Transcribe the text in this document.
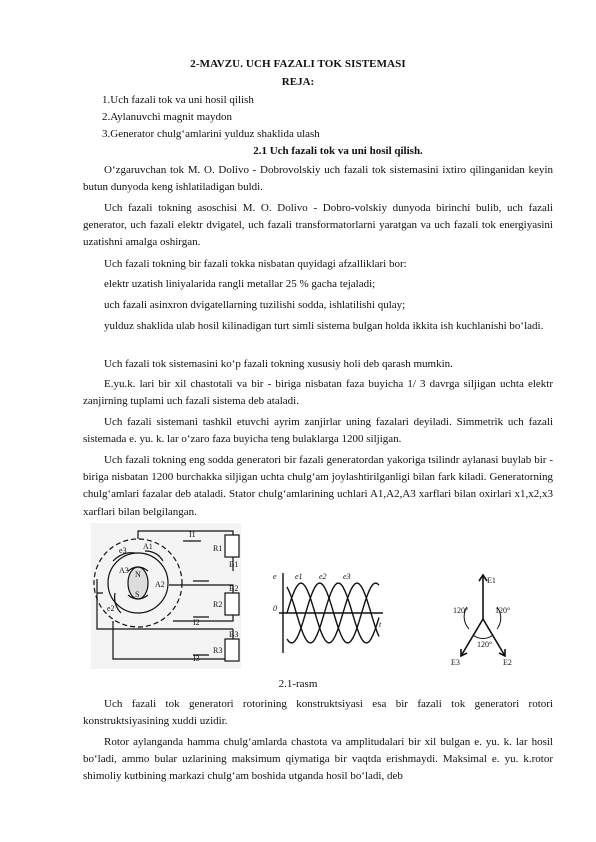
2-MAVZU. UCH FAZALI TOK SISTEMASI
REJA:
1.Uch fazali tok va uni hosil qilish
2.Aylanuvchi magnit maydon
3.Generator chulg‘amlarini yulduz shaklida ulash
2.1 Uch fazali tok va uni hosil qilish.
O‘zgaruvchan tok M. O. Dolivo - Dobrovolskiy uch fazali tok sistemasini ixtiro qilinganidan keyin butun dunyoda keng ishlatiladigan buldi.
Uch fazali tokning asoschisi M. O. Dolivo - Dobro-volskiy dunyoda birinchi bulib, uch fazali generator, uch fazali elektr dvigatel, uch fazali transformatorlarni yaratgan va uch fazali tok energiyasini uzatishni amalga oshirgan.
Uch fazali tokning bir fazali tokka nisbatan quyidagi afzalliklari bor:
elektr uzatish liniyalarida rangli metallar 25 % gacha tejaladi;
uch fazali asinxron dvigatellarning tuzilishi sodda, ishlatilishi qulay;
yulduz shaklida ulab hosil kilinadigan turt simli sistema bulgan holda ikkita ish kuchlanishi bo‘ladi.
Uch fazali tok sistemasini ko‘p fazali tokning xususiy holi deb qarash mumkin.
E.yu.k. lari bir xil chastotali va bir - biriga nisbatan faza buyicha 1/ 3 davrga siljigan uchta elektr zanjirning tuplami uch fazali sistema deb ataladi.
Uch fazali sistemani tashkil etuvchi ayrim zanjirlar uning fazalari deyiladi. Simmetrik uch fazali sistemada e. yu. k. lar o‘zaro faza buyicha teng bulaklarga 1200 siljigan.
Uch fazali tokning eng sodda generatori bir fazali generatordan yakoriga tsilindr aylanasi buylab bir - biriga nisbatan 1200 burchakka siljigan uchta chulg‘am joylashtirilganligi bilan fark kiladi. Generatorning chulg‘amlari fazalar deb ataladi. Stator chulg‘amlarining uchlari A1,A2,A3 xarflari bilan oxirlari x1,x2,x3 xarflari bilan belgilangan.
e3
A3
A1
A2
N
S
e2
I1
I2
I3
R1
R2
R3
B1
B2
B3
e e1 e2 e3
0
t
E1
E2
E3
120°	120°
120°
2.1-rasm
Uch fazali tok generatori rotorining konstruktsiyasi esa bir fazali tok generatori rotori konstruktsiyasining xuddi uzidir.
Rotor aylanganda hamma chulg‘amlarda chastota va amplitudalari bir xil bulgan e. yu. k. lar hosil bo‘ladi, ammo bular uzlarining maksimum qiymatiga bir vaqtda erishmaydi. Maksimal e. yu. k.rotor shimoliy kutbining markazi chulg‘am boshida utganda hosil bo‘ladi, deb
